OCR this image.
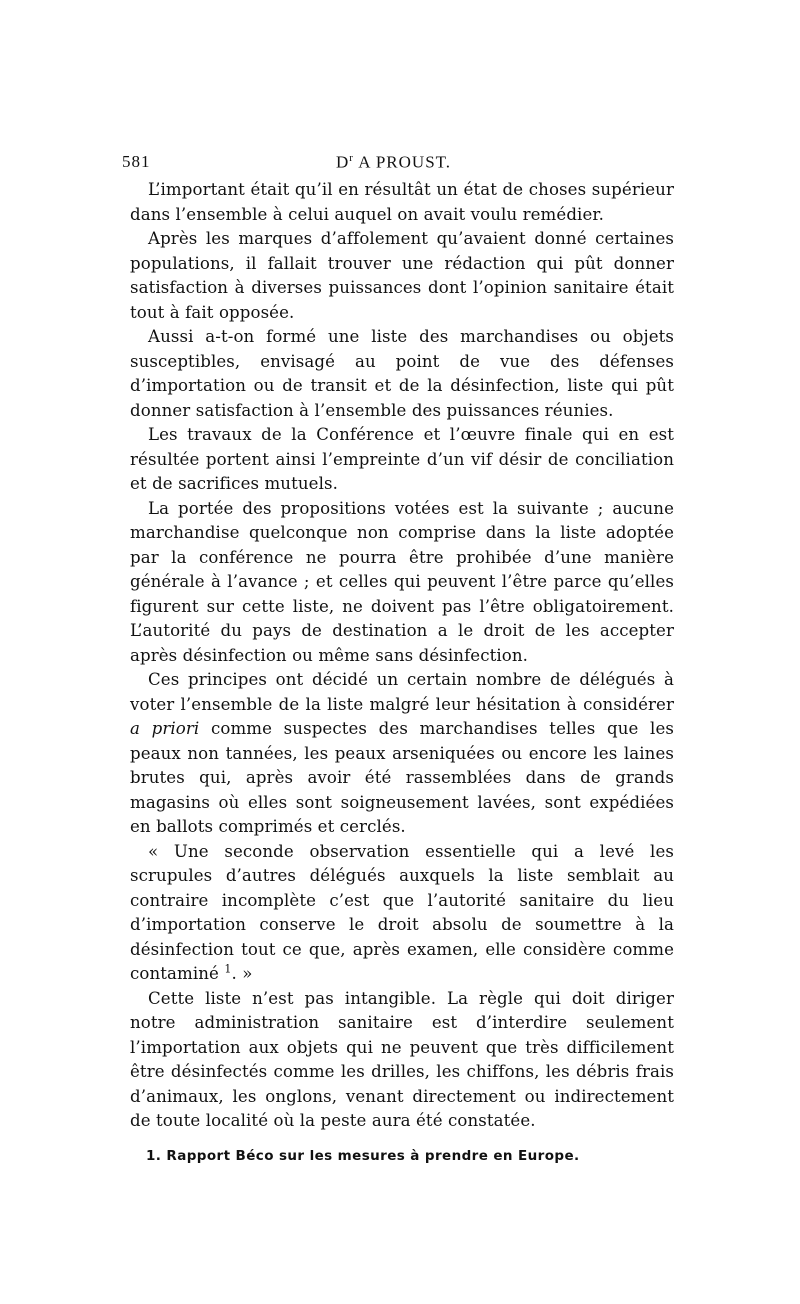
581	$D^r$ A PROUST.

L’important était qu’il en résultât un état de choses supérieur dans l’ensemble à celui auquel on avait voulu remédier.

Après les marques d’affolement qu’avaient donné certaines populations, il fallait trouver une rédaction qui pût donner satisfaction à diverses puissances dont l’opinion sanitaire était tout à fait opposée.

Aussi a-t-on formé une liste des marchandises ou objets susceptibles, envisagé au point de vue des défenses d’importation ou de transit et de la désinfection, liste qui pût donner satisfaction à l’ensemble des puissances réunies.

Les travaux de la Conférence et l’œuvre finale qui en est résultée portent ainsi l’empreinte d’un vif désir de conciliation et de sacrifices mutuels.

La portée des propositions votées est la suivante ; aucune marchandise quelconque non comprise dans la liste adoptée par la conférence ne pourra être prohibée d’une manière générale à l’avance ; et celles qui peuvent l’être parce qu’elles figurent sur cette liste, ne doivent pas l’être obligatoirement. L’autorité du pays de destination a le droit de les accepter après désinfection ou même sans désinfection.

Ces principes ont décidé un certain nombre de délégués à voter l’ensemble de la liste malgré leur hésitation à considérer a priori comme suspectes des marchandises telles que les peaux non tannées, les peaux arseniquées ou encore les laines brutes qui, après avoir été rassemblées dans de grands magasins où elles sont soigneusement lavées, sont expédiées en ballots comprimés et cerclés.

« Une seconde observation essentielle qui a levé les scrupules d’autres délégués auxquels la liste semblait au contraire incomplète c’est que l’autorité sanitaire du lieu d’importation conserve le droit absolu de soumettre à la désinfection tout ce que, après examen, elle considère comme contaminé $^1$. »

Cette liste n’est pas intangible. La règle qui doit diriger notre administration sanitaire est d’interdire seulement l’importation aux objets qui ne peuvent que très difficilement être désinfectés comme les drilles, les chiffons, les débris frais d’animaux, les onglons, venant directement ou indirectement de toute localité où la peste aura été constatée.

1. Rapport Béco sur les mesures à prendre en Europe.
